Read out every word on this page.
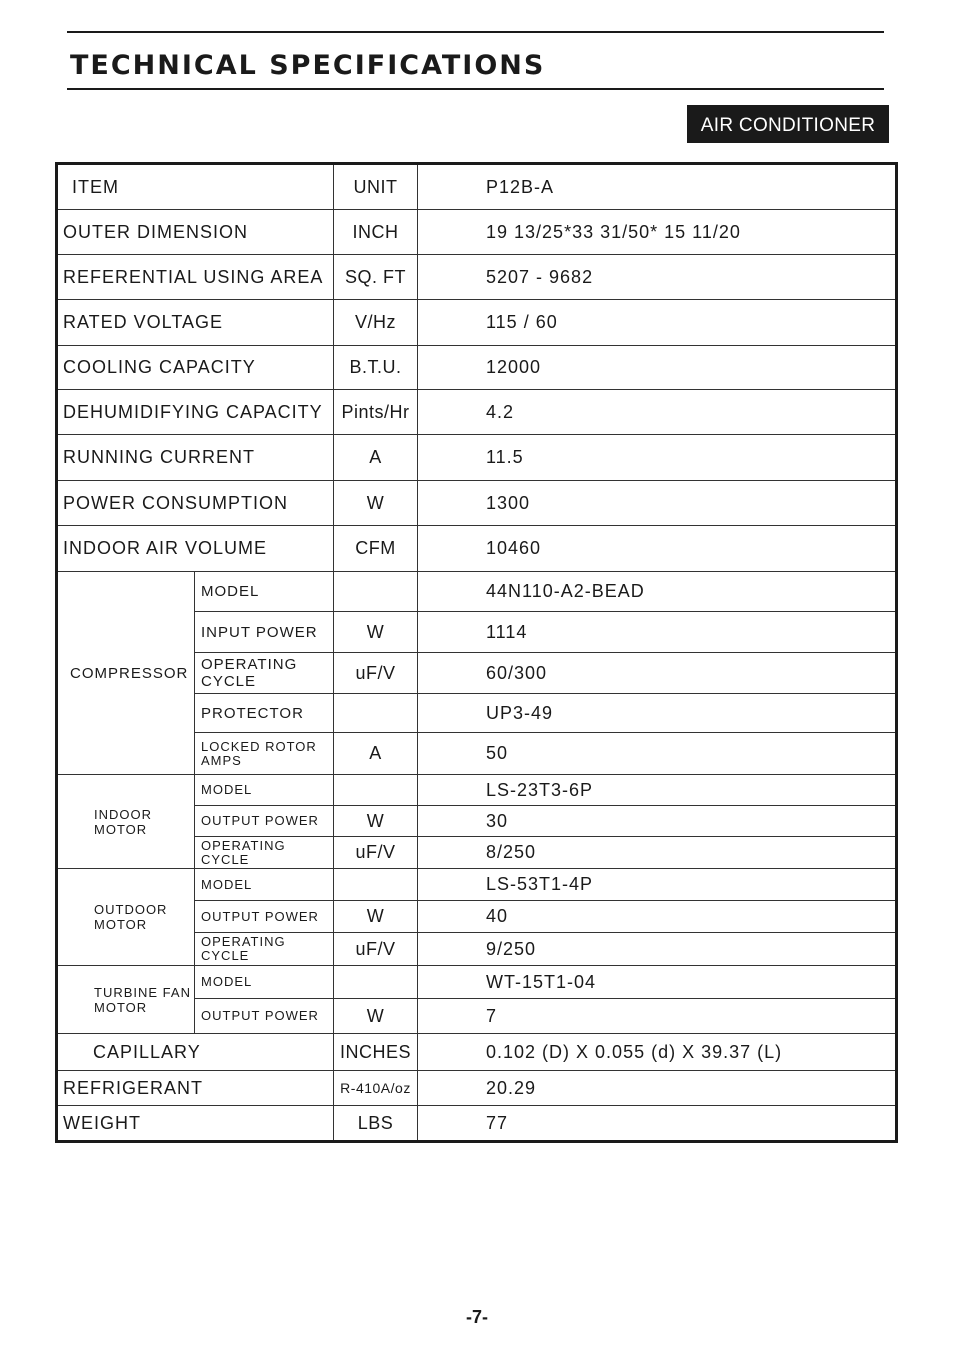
TECHNICAL SPECIFICATIONS
AIR CONDITIONER
ITEM		UNIT	P12B-A
OUTER DIMENSION		INCH	19 13/25*33 31/50* 15 11/20
REFERENTIAL USING AREA		SQ. FT	5207 - 9682
RATED VOLTAGE		V/Hz	115 / 60
COOLING CAPACITY		B.T.U.	12000
DEHUMIDIFYING CAPACITY		Pints/Hr	4.2
RUNNING CURRENT		A	11.5
POWER CONSUMPTION		W	1300
INDOOR AIR VOLUME		CFM	10460
COMPRESSOR	MODEL		44N110-A2-BEAD
	INPUT POWER	W	1114
	OPERATING CYCLE	uF/V	60/300
	PROTECTOR		UP3-49
	LOCKED ROTOR AMPS	A	50
INDOOR MOTOR	MODEL		LS-23T3-6P
	OUTPUT POWER	W	30
	OPERATING CYCLE	uF/V	8/250
OUTDOOR MOTOR	MODEL		LS-53T1-4P
	OUTPUT POWER	W	40
	OPERATING CYCLE	uF/V	9/250
TURBINE FAN MOTOR	MODEL		WT-15T1-04
	OUTPUT POWER	W	7
CAPILLARY		INCHES	0.102 (D) X 0.055 (d) X 39.37 (L)
REFRIGERANT		R-410A/oz	20.29
WEIGHT		LBS	77
-7-
